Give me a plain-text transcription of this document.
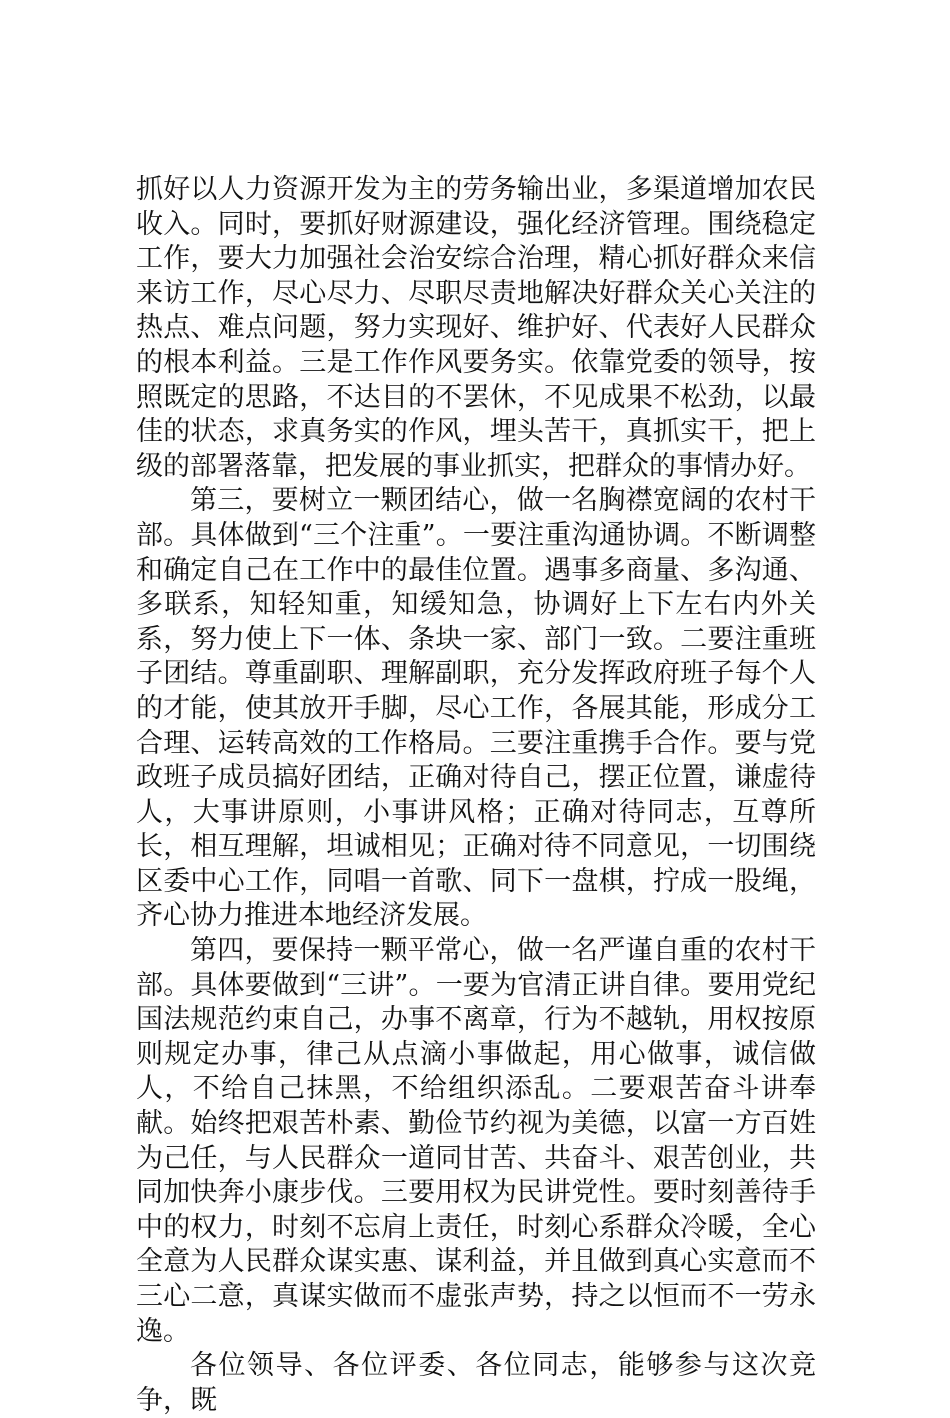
抓好以人力资源开发为主的劳务输出业，多渠道增加农民收入。同时，要抓好财源建设，强化经济管理。围绕稳定工作，要大力加强社会治安综合治理，精心抓好群众来信来访工作，尽心尽力、尽职尽责地解决好群众关心关注的热点、难点问题，努力实现好、维护好、代表好人民群众的根本利益。三是工作作风要务实。依靠党委的领导，按照既定的思路，不达目的不罢休，不见成果不松劲，以最佳的状态，求真务实的作风，埋头苦干，真抓实干，把上级的部署落靠，把发展的事业抓实，把群众的事情办好。

第三，要树立一颗团结心，做一名胸襟宽阔的农村干部。具体做到“三个注重”。一要注重沟通协调。不断调整和确定自己在工作中的最佳位置。遇事多商量、多沟通、多联系，知轻知重，知缓知急，协调好上下左右内外关系，努力使上下一体、条块一家、部门一致。二要注重班子团结。尊重副职、理解副职，充分发挥政府班子每个人的才能，使其放开手脚，尽心工作，各展其能，形成分工合理、运转高效的工作格局。三要注重携手合作。要与党政班子成员搞好团结，正确对待自己，摆正位置，谦虚待人，大事讲原则，小事讲风格；正确对待同志，互尊所长，相互理解，坦诚相见；正确对待不同意见，一切围绕区委中心工作，同唱一首歌、同下一盘棋，拧成一股绳，齐心协力推进本地经济发展。

第四，要保持一颗平常心，做一名严谨自重的农村干部。具体要做到“三讲”。一要为官清正讲自律。要用党纪国法规范约束自己，办事不离章，行为不越轨，用权按原则规定办事，律己从点滴小事做起，用心做事，诚信做人，不给自己抹黑，不给组织添乱。二要艰苦奋斗讲奉献。始终把艰苦朴素、勤俭节约视为美德，以富一方百姓为己任，与人民群众一道同甘苦、共奋斗、艰苦创业，共同加快奔小康步伐。三要用权为民讲党性。要时刻善待手中的权力，时刻不忘肩上责任，时刻心系群众冷暖，全心全意为人民群众谋实惠、谋利益，并且做到真心实意而不三心二意，真谋实做而不虚张声势，持之以恒而不一劳永逸。

各位领导、各位评委、各位同志，能够参与这次竞争，既
